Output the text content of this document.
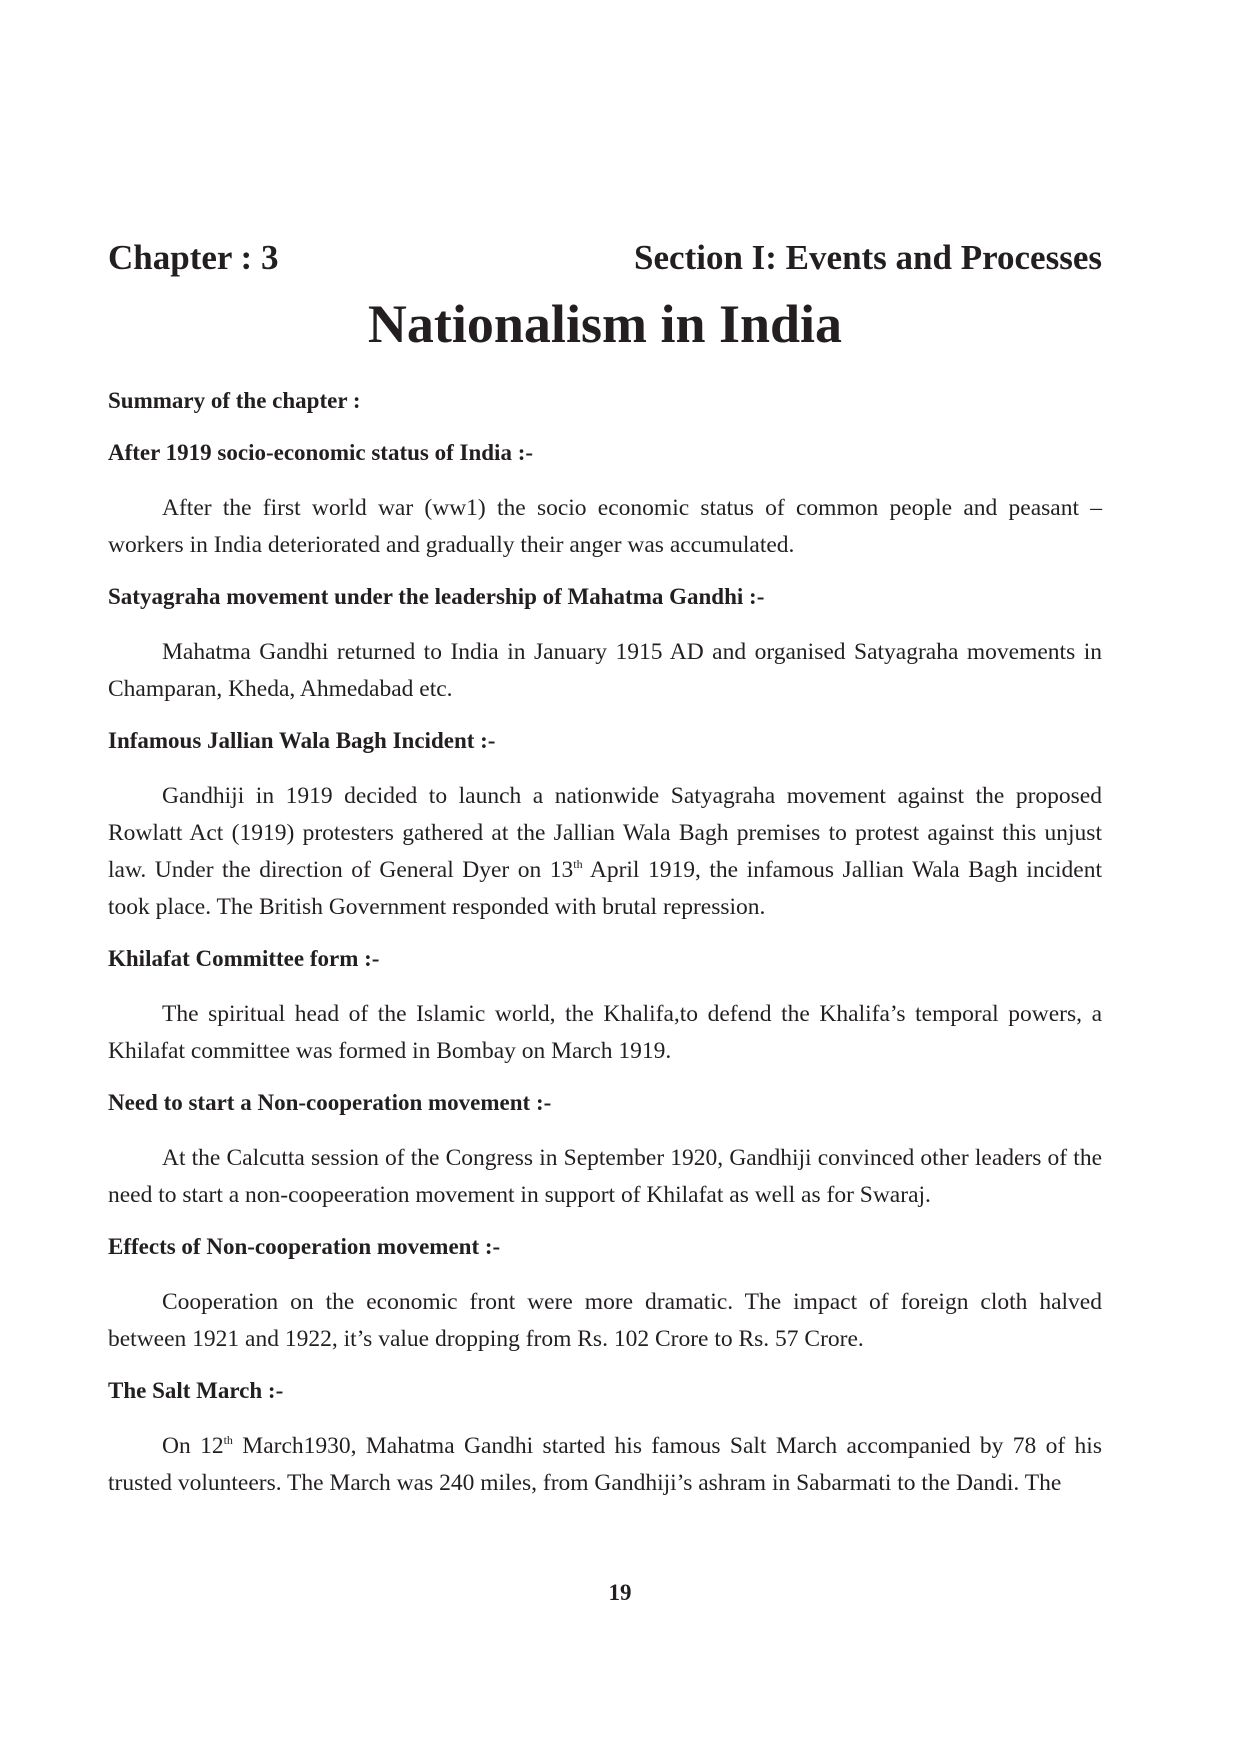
Chapter : 3	Section I: Events and Processes
Nationalism in India

Summary of the chapter :

After 1919 socio-economic status of India :-

After the first world war (ww1) the socio economic status of common people and peasant – workers in India deteriorated and gradually their anger was accumulated.

Satyagraha movement under the leadership of Mahatma Gandhi :-

Mahatma Gandhi returned to India in January 1915 AD and organised Satyagraha movements in Champaran, Kheda, Ahmedabad etc.

Infamous Jallian Wala Bagh Incident :-

Gandhiji in 1919 decided to launch a nationwide Satyagraha movement against the proposed Rowlatt Act (1919) protesters gathered at the Jallian Wala Bagh premises to protest against this unjust law. Under the direction of General Dyer on 13th April 1919, the infamous Jallian Wala Bagh incident took place. The British Government responded with brutal repression.

Khilafat Committee form :-

The spiritual head of the Islamic world, the Khalifa,to defend the Khalifa’s temporal powers, a Khilafat committee was formed in Bombay on March 1919.

Need to start a Non-cooperation movement :-

At the Calcutta session of the Congress in September 1920, Gandhiji convinced other leaders of the need to start a non-coopeeration movement in support of Khilafat as well as for Swaraj.

Effects of Non-cooperation movement :-

Cooperation on the economic front were more dramatic. The impact of foreign cloth halved between 1921 and 1922, it’s value dropping from Rs. 102 Crore to Rs. 57 Crore.

The Salt March :-

On 12th March1930, Mahatma Gandhi started his famous Salt March accompanied by 78 of his trusted volunteers. The March was 240 miles, from Gandhiji’s ashram in Sabarmati to the Dandi. The

19
